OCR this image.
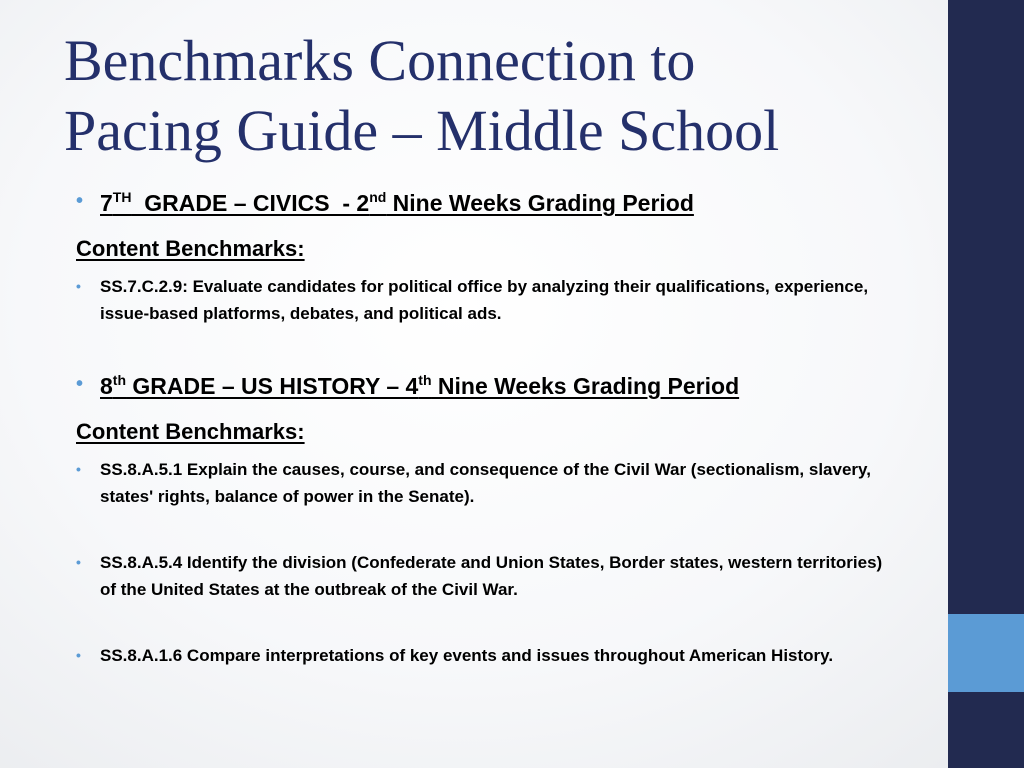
Benchmarks Connection to
Pacing Guide – Middle School
• 7TH  GRADE – CIVICS  - 2nd Nine Weeks Grading Period
Content Benchmarks:
• SS.7.C.2.9: Evaluate candidates for political office by analyzing their qualifications, experience, issue-based platforms, debates, and political ads.
• 8th GRADE – US HISTORY – 4th Nine Weeks Grading Period
Content Benchmarks:
• SS.8.A.5.1 Explain the causes, course, and consequence of the Civil War (sectionalism, slavery, states' rights, balance of power in the Senate).
• SS.8.A.5.4 Identify the division (Confederate and Union States, Border states, western territories) of the United States at the outbreak of the Civil War.
• SS.8.A.1.6 Compare interpretations of key events and issues throughout American History.
